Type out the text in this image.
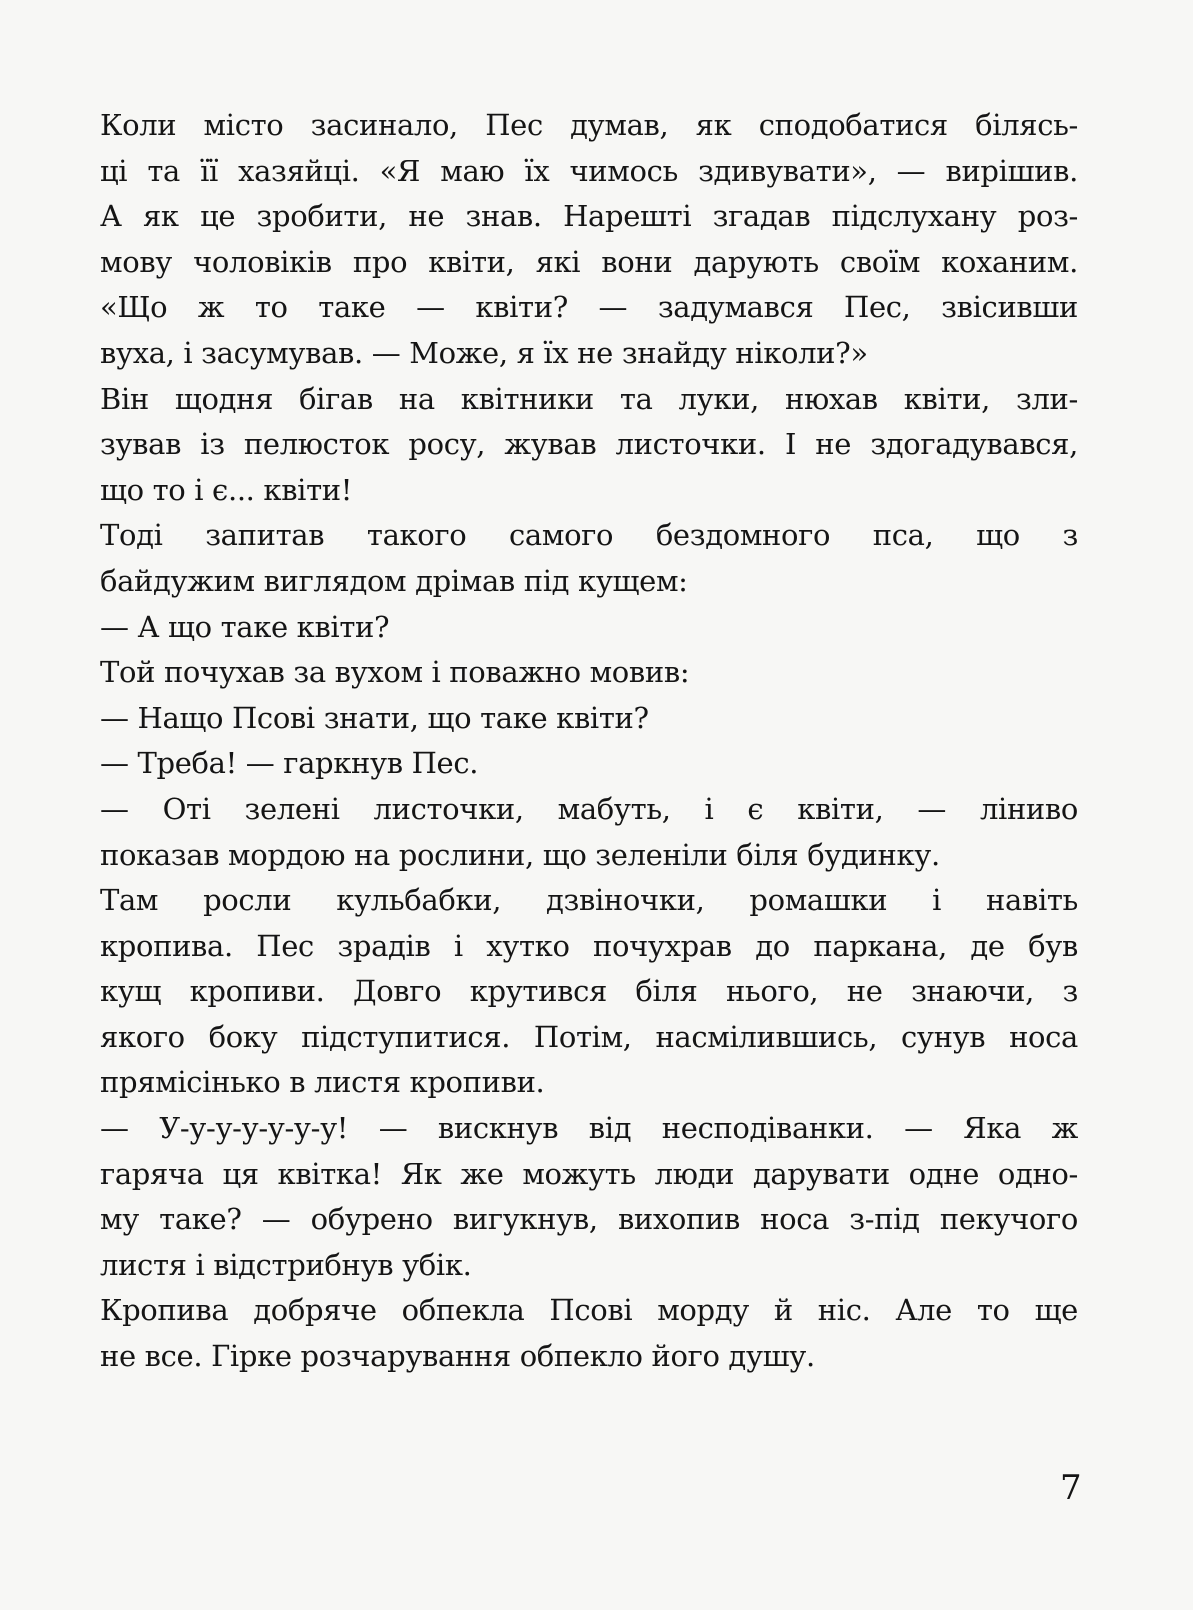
Коли місто засинало, Пес думав, як сподобатися білясь-
ці та її хазяйці. «Я маю їх чимось здивувати», — вирішив.
А як це зробити, не знав. Нарешті згадав підслухану роз-
мову чоловіків про квіти, які вони дарують своїм коханим.
«Що ж то таке — квіти? — задумався Пес, звісивши
вуха, і засумував. — Може, я їх не знайду ніколи?»
Він щодня бігав на квітники та луки, нюхав квіти, зли-
зував із пелюсток росу, жував листочки. І не здогадувався,
що то і є... квіти!
Тоді запитав такого самого бездомного пса, що з
байдужим виглядом дрімав під кущем:
— А що таке квіти?
Той почухав за вухом і поважно мовив:
— Нащо Псові знати, що таке квіти?
— Треба! — гаркнув Пес.
— Оті зелені листочки, мабуть, і є квіти, — ліниво
показав мордою на рослини, що зеленіли біля будинку.
Там росли кульбабки, дзвіночки, ромашки і навіть
кропива. Пес зрадів і хутко почухрав до паркана, де був
кущ кропиви. Довго крутився біля нього, не знаючи, з
якого боку підступитися. Потім, насмілившись, сунув носа
прямісінько в листя кропиви.
— У-у-у-у-у-у-у! — вискнув від несподіванки. — Яка ж
гаряча ця квітка! Як же можуть люди дарувати одне одно-
му таке? — обурено вигукнув, вихопив носа з-під пекучого
листя і відстрибнув убік.
Кропива добряче обпекла Псові морду й ніс. Але то ще
не все. Гірке розчарування обпекло його душу.
7
